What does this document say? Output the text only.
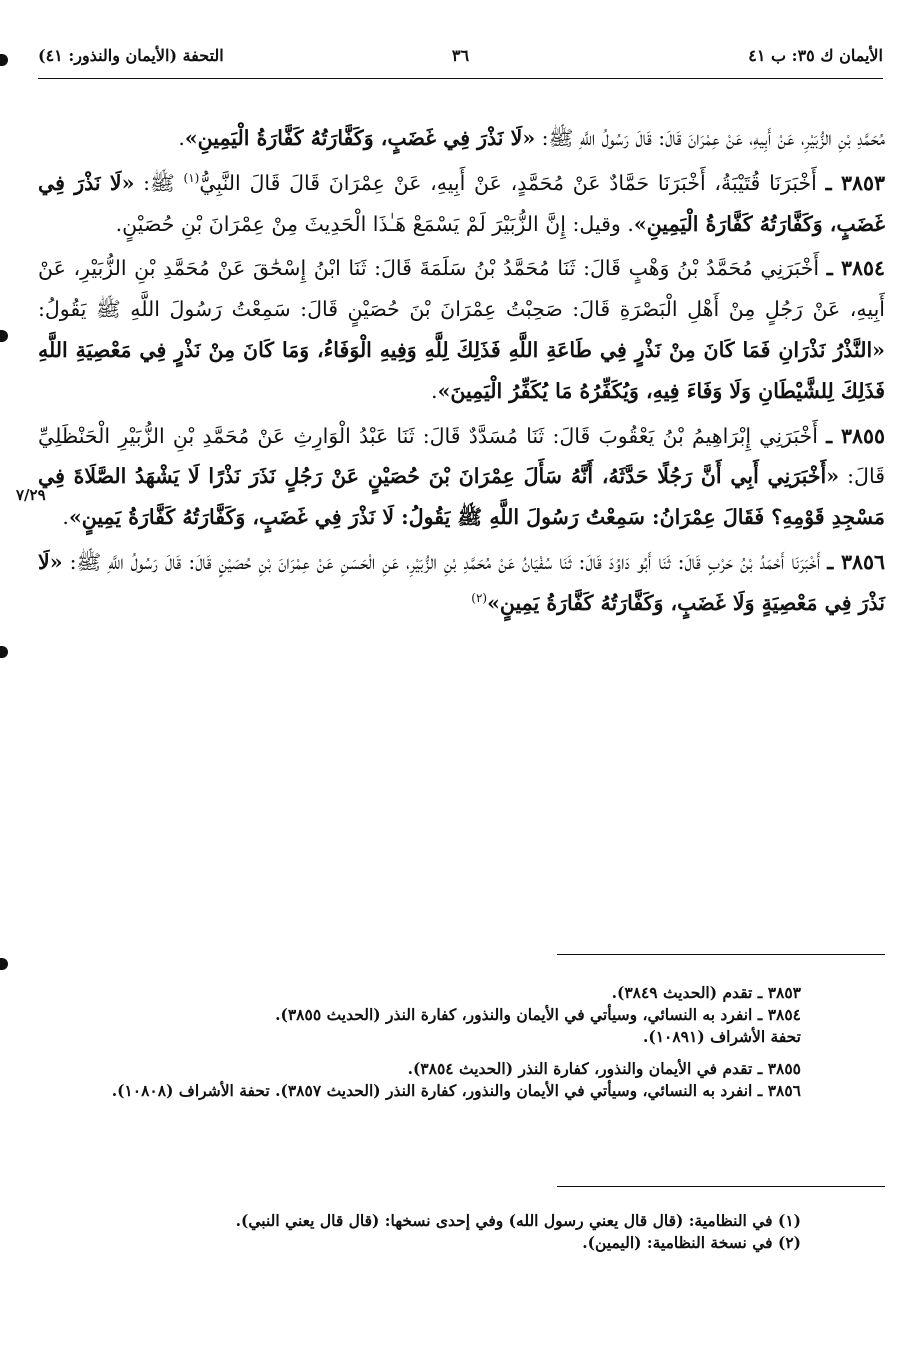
الأيمان ك ٣٥: ب ٤١
٣٦
التحفة (الأيمان والنذور: ٤١)
٧/٢٩

مُحَمَّدِ بْنِ الزُّبَيْرِ، عَنْ أَبِيهِ، عَنْ عِمْرَانَ قَالَ: قَالَ رَسُولُ اللَّهِ ﷺ: «لَا نَذْرَ فِي غَضَبٍ، وَكَفَّارَتُهُ كَفَّارَةُ الْيَمِينِ».

٣٨٥٣ ـ أَخْبَرَنَا قُتَيْبَةُ، أَخْبَرَنَا حَمَّادٌ عَنْ مُحَمَّدٍ، عَنْ أَبِيهِ، عَنْ عِمْرَانَ قَالَ قَالَ النَّبِيُّ$^{(١)}$ ﷺ: «لَا نَذْرَ فِي غَضَبٍ، وَكَفَّارَتُهُ كَفَّارَةُ الْيَمِينِ». وقيل: إِنَّ الزُّبَيْرَ لَمْ يَسْمَعْ هَـٰذَا الْحَدِيثَ مِنْ عِمْرَانَ بْنِ حُصَيْنٍ.

٣٨٥٤ ـ أَخْبَرَنِي مُحَمَّدُ بْنُ وَهْبٍ قَالَ: ثَنَا مُحَمَّدُ بْنُ سَلَمَةَ قَالَ: ثَنَا ابْنُ إِسْحَٰقَ عَنْ مُحَمَّدِ بْنِ الزُّبَيْرِ، عَنْ أَبِيهِ، عَنْ رَجُلٍ مِنْ أَهْلِ الْبَصْرَةِ قَالَ: صَحِبْتُ عِمْرَانَ بْنَ حُصَيْنٍ قَالَ: سَمِعْتُ رَسُولَ اللَّهِ ﷺ يَقُولُ: «النَّذْرُ نَذْرَانِ فَمَا كَانَ مِنْ نَذْرٍ فِي طَاعَةِ اللَّهِ فَذَلِكَ لِلَّهِ وَفِيهِ الْوَفَاءُ، وَمَا كَانَ مِنْ نَذْرٍ فِي مَعْصِيَةِ اللَّهِ فَذَلِكَ لِلشَّيْطَانِ وَلَا وَفَاءَ فِيهِ، وَيُكَفِّرُهُ مَا يُكَفِّرُ الْيَمِينَ».

٣٨٥٥ ـ أَخْبَرَنِي إِبْرَاهِيمُ بْنُ يَعْقُوبَ قَالَ: ثَنَا مُسَدَّدٌ قَالَ: ثَنَا عَبْدُ الْوَارِثِ عَنْ مُحَمَّدِ بْنِ الزُّبَيْرِ الْحَنْظَلِيِّ قَالَ: «أَخْبَرَنِي أَبِي أَنَّ رَجُلًا حَدَّثَهُ، أَنَّهُ سَأَلَ عِمْرَانَ بْنَ حُصَيْنٍ عَنْ رَجُلٍ نَذَرَ نَذْرًا لَا يَشْهَدُ الصَّلَاةَ فِي مَسْجِدِ قَوْمِهِ؟ فَقَالَ عِمْرَانُ: سَمِعْتُ رَسُولَ اللَّهِ ﷺ يَقُولُ: لَا نَذْرَ فِي غَضَبٍ، وَكَفَّارَتُهُ كَفَّارَةُ يَمِينٍ».

٣٨٥٦ ـ أَخْبَرَنَا أَحْمَدُ بْنُ حَرْبٍ قَالَ: ثَنَا أَبُو دَاوُدَ قَالَ: ثَنَا سُفْيَانُ عَنْ مُحَمَّدِ بْنِ الزُّبَيْرِ، عَنِ الْحَسَنِ عَنْ عِمْرَانَ بْنِ حُصَيْنٍ قَالَ: قَالَ رَسُولُ اللَّهِ ﷺ: «لَا نَذْرَ فِي مَعْصِيَةٍ وَلَا غَضَبٍ، وَكَفَّارَتُهُ كَفَّارَةُ يَمِينٍ»$^{(٢)}$

٣٨٥٣ ـ تقدم (الحديث ٣٨٤٩).

٣٨٥٤ ـ انفرد به النسائي، وسيأتي في الأيمان والنذور، كفارة النذر (الحديث ٣٨٥٥).

تحفة الأشراف (١٠٨٩١).

٣٨٥٥ ـ تقدم في الأيمان والنذور، كفارة النذر (الحديث ٣٨٥٤).

٣٨٥٦ ـ انفرد به النسائي، وسيأتي في الأيمان والنذور، كفارة النذر (الحديث ٣٨٥٧). تحفة الأشراف (١٠٨٠٨).

(١) في النظامية: (قال قال يعني رسول الله) وفي إحدى نسخها: (قال قال يعني النبي).

(٢) في نسخة النظامية: (اليمين).
